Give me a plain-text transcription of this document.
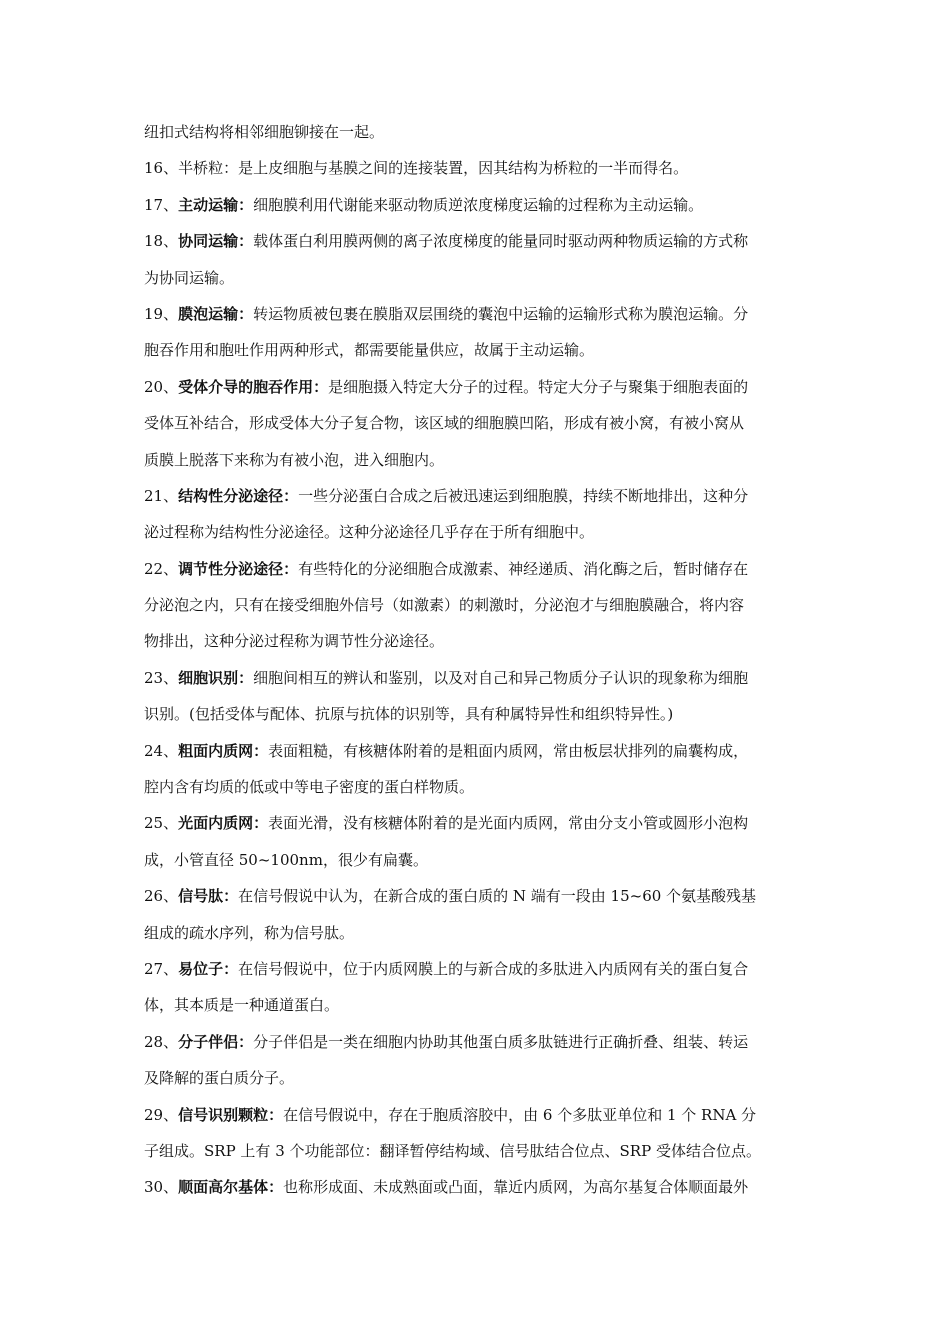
纽扣式结构将相邻细胞铆接在一起。
16、半桥粒：是上皮细胞与基膜之间的连接装置，因其结构为桥粒的一半而得名。
17、主动运输：细胞膜利用代谢能来驱动物质逆浓度梯度运输的过程称为主动运输。
18、协同运输：载体蛋白利用膜两侧的离子浓度梯度的能量同时驱动两种物质运输的方式称
为协同运输。
19、膜泡运输：转运物质被包裹在膜脂双层围绕的囊泡中运输的运输形式称为膜泡运输。分
胞吞作用和胞吐作用两种形式，都需要能量供应，故属于主动运输。
20、受体介导的胞吞作用：是细胞摄入特定大分子的过程。特定大分子与聚集于细胞表面的
受体互补结合，形成受体大分子复合物，该区域的细胞膜凹陷，形成有被小窝，有被小窝从
质膜上脱落下来称为有被小泡，进入细胞内。
21、结构性分泌途径：一些分泌蛋白合成之后被迅速运到细胞膜，持续不断地排出，这种分
泌过程称为结构性分泌途径。这种分泌途径几乎存在于所有细胞中。
22、调节性分泌途径：有些特化的分泌细胞合成激素、神经递质、消化酶之后，暂时储存在
分泌泡之内，只有在接受细胞外信号（如激素）的刺激时，分泌泡才与细胞膜融合，将内容
物排出，这种分泌过程称为调节性分泌途径。
23、细胞识别：细胞间相互的辨认和鉴别，以及对自己和异己物质分子认识的现象称为细胞
识别。(包括受体与配体、抗原与抗体的识别等，具有种属特异性和组织特异性。)
24、粗面内质网：表面粗糙，有核糖体附着的是粗面内质网，常由板层状排列的扁囊构成，
腔内含有均质的低或中等电子密度的蛋白样物质。
25、光面内质网：表面光滑，没有核糖体附着的是光面内质网，常由分支小管或圆形小泡构
成，小管直径 50~100nm，很少有扁囊。
26、信号肽：在信号假说中认为，在新合成的蛋白质的 N 端有一段由 15~60 个氨基酸残基
组成的疏水序列，称为信号肽。
27、易位子：在信号假说中，位于内质网膜上的与新合成的多肽进入内质网有关的蛋白复合
体，其本质是一种通道蛋白。
28、分子伴侣：分子伴侣是一类在细胞内协助其他蛋白质多肽链进行正确折叠、组装、转运
及降解的蛋白质分子。
29、信号识别颗粒：在信号假说中，存在于胞质溶胶中，由 6 个多肽亚单位和 1 个 RNA 分
子组成。SRP 上有 3 个功能部位：翻译暂停结构域、信号肽结合位点、SRP 受体结合位点。
30、顺面高尔基体：也称形成面、未成熟面或凸面，靠近内质网，为高尔基复合体顺面最外
